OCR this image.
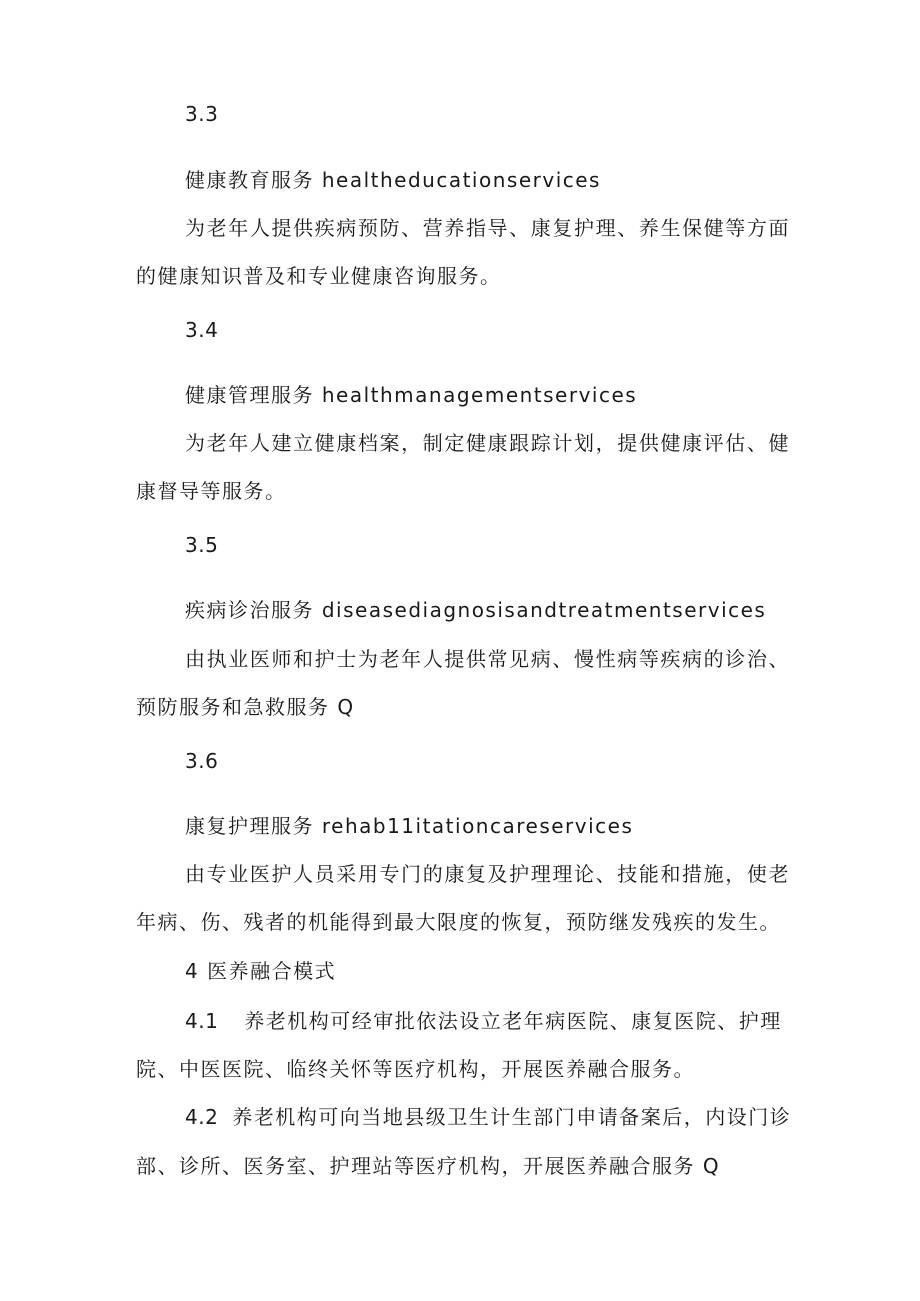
3.3
健康教育服务 healtheducationservices
为老年人提供疾病预防、营养指导、康复护理、养生保健等方面
的健康知识普及和专业健康咨询服务。
3.4
健康管理服务 healthmanagementservices
为老年人建立健康档案，制定健康跟踪计划，提供健康评估、健
康督导等服务。
3.5
疾病诊治服务 diseasediagnosisandtreatmentservices
由执业医师和护士为老年人提供常见病、慢性病等疾病的诊治、
预防服务和急救服务 Q
3.6
康复护理服务 rehab11itationcareservices
由专业医护人员采用专门的康复及护理理论、技能和措施，使老
年病、伤、残者的机能得到最大限度的恢复，预防继发残疾的发生。
4 医养融合模式
4.1 养老机构可经审批依法设立老年病医院、康复医院、护理
院、中医医院、临终关怀等医疗机构，开展医养融合服务。
4.2 养老机构可向当地县级卫生计生部门申请备案后，内设门诊
部、诊所、医务室、护理站等医疗机构，开展医养融合服务 Q
